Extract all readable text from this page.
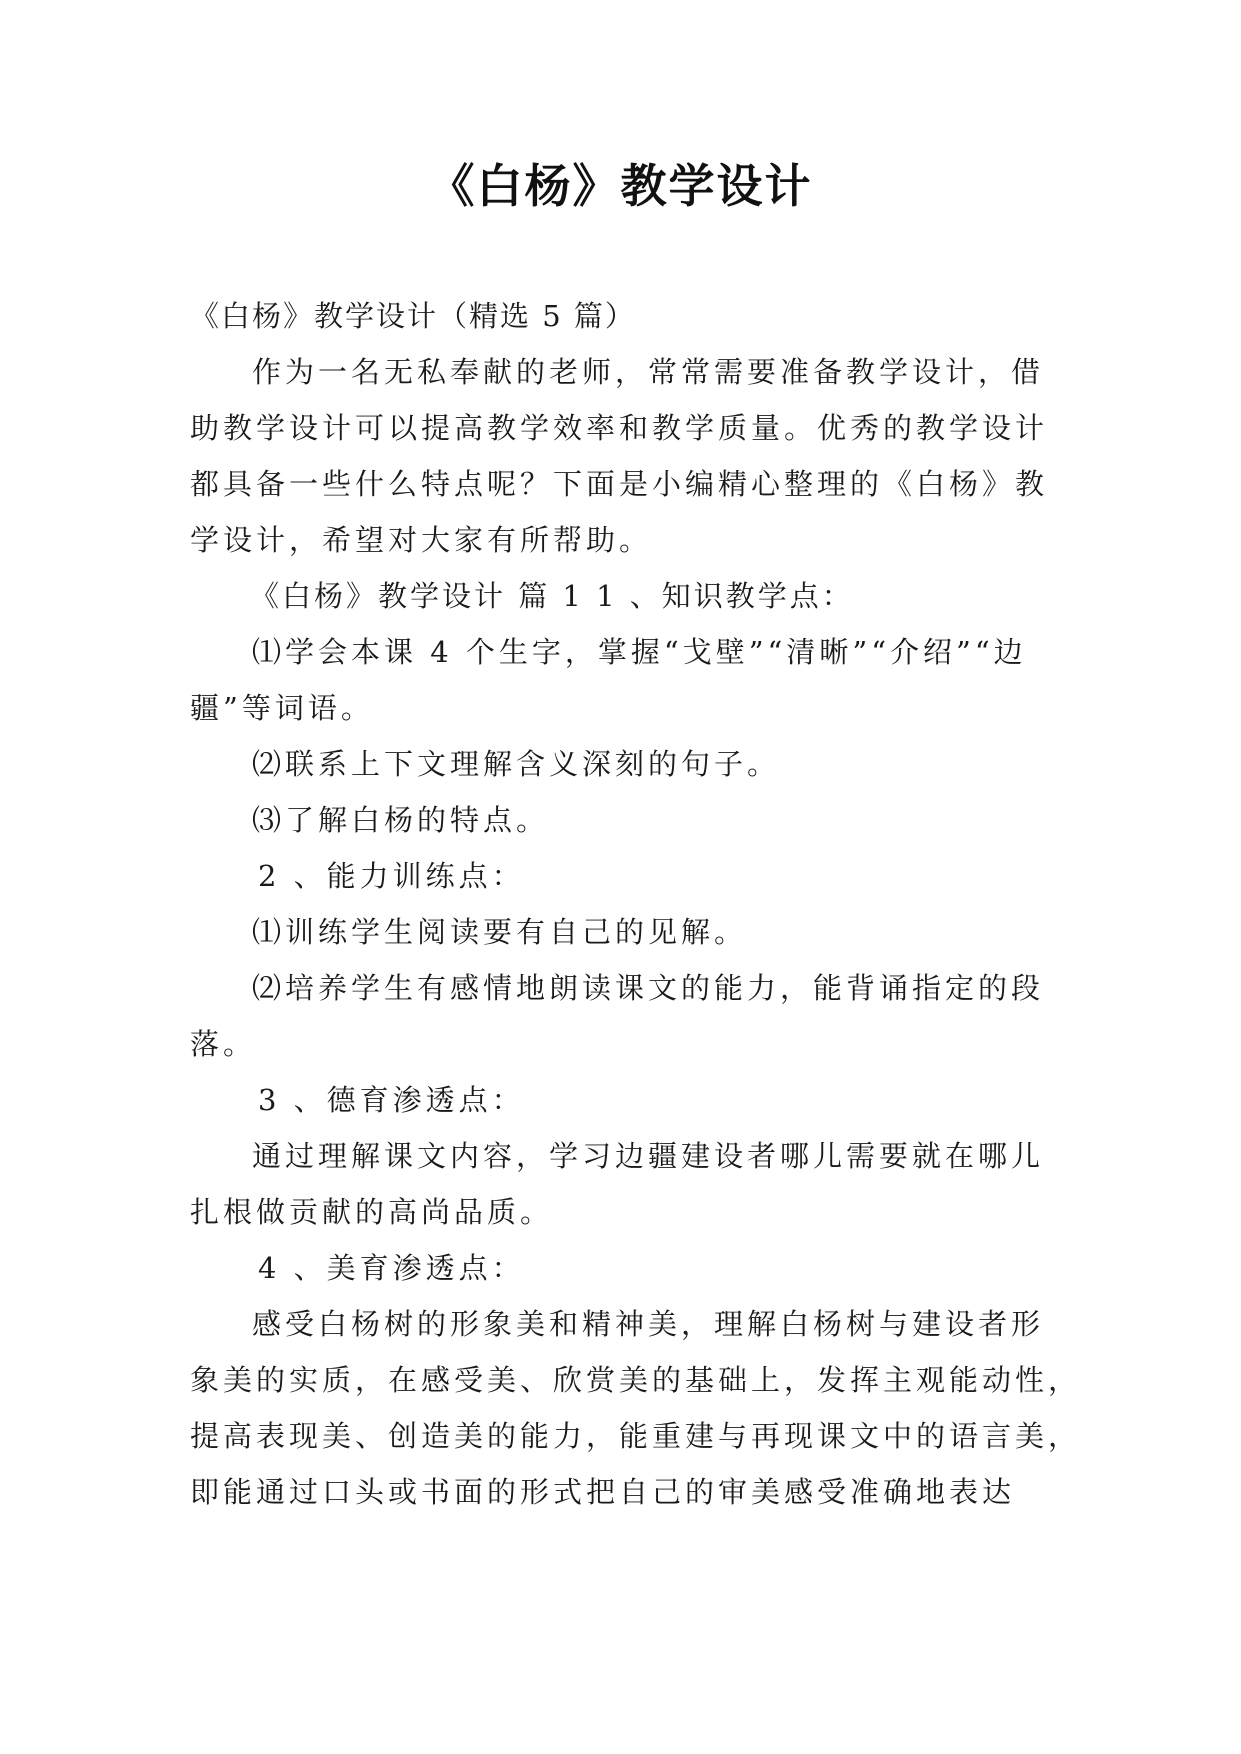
《白杨》教学设计
《白杨》教学设计（精选 5 篇）
作为一名无私奉献的老师，常常需要准备教学设计，借
助教学设计可以提高教学效率和教学质量。优秀的教学设计
都具备一些什么特点呢？下面是小编精心整理的《白杨》教
学设计，希望对大家有所帮助。
《白杨》教学设计 篇 1 1 、知识教学点：
⑴学会本课 4 个生字，掌握“戈壁”“清晰”“介绍”“边
疆”等词语。
⑵联系上下文理解含义深刻的句子。
⑶了解白杨的特点。
2 、能力训练点：
⑴训练学生阅读要有自己的见解。
⑵培养学生有感情地朗读课文的能力，能背诵指定的段
落。
3 、德育渗透点：
通过理解课文内容，学习边疆建设者哪儿需要就在哪儿
扎根做贡献的高尚品质。
4 、美育渗透点：
感受白杨树的形象美和精神美，理解白杨树与建设者形
象美的实质，在感受美、欣赏美的基础上，发挥主观能动性，
提高表现美、创造美的能力，能重建与再现课文中的语言美，
即能通过口头或书面的形式把自己的审美感受准确地表达
